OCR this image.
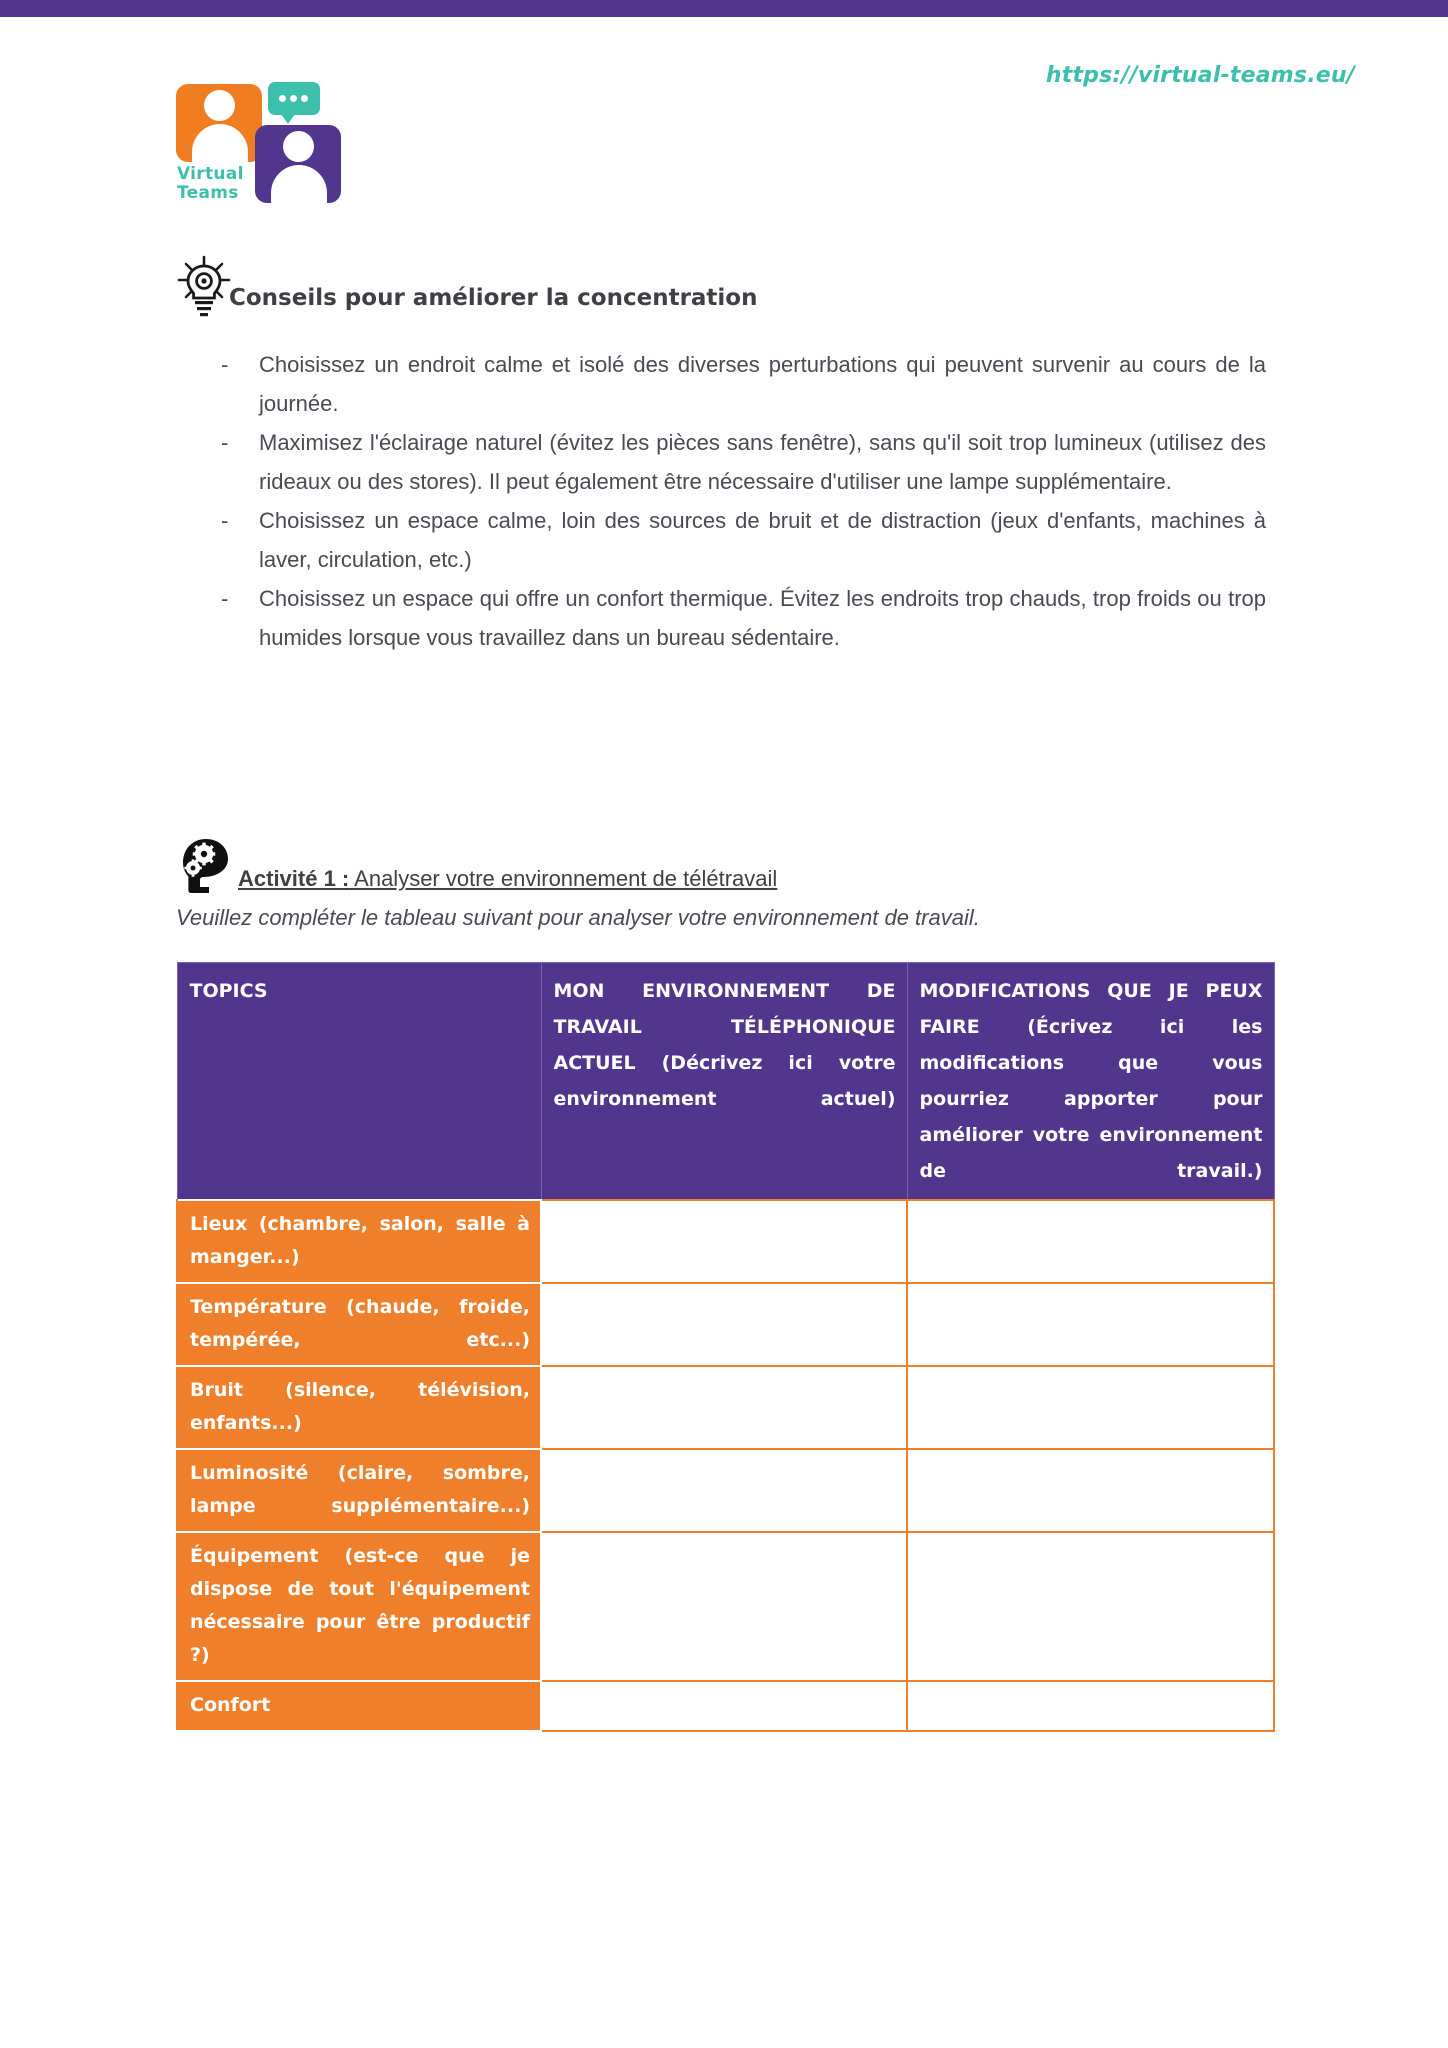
Virtual
Teams
https://virtual-teams.eu/
Conseils pour améliorer la concentration
-	Choisissez un endroit calme et isolé des diverses perturbations qui peuvent survenir au cours de la journée.
-	Maximisez l'éclairage naturel (évitez les pièces sans fenêtre), sans qu'il soit trop lumineux (utilisez des rideaux ou des stores). Il peut également être nécessaire d'utiliser une lampe supplémentaire.
-	Choisissez un espace calme, loin des sources de bruit et de distraction (jeux d'enfants, machines à laver, circulation, etc.)
-	Choisissez un espace qui offre un confort thermique. Évitez les endroits trop chauds, trop froids ou trop humides lorsque vous travaillez dans un bureau sédentaire.
Activité 1 : Analyser votre environnement de télétravail
Veuillez compléter le tableau suivant pour analyser votre environnement de travail.
TOPICS	MON ENVIRONNEMENT DE TRAVAIL TÉLÉPHONIQUE ACTUEL (Décrivez ici votre environnement actuel)	MODIFICATIONS QUE JE PEUX FAIRE (Écrivez ici les modifications que vous pourriez apporter pour améliorer votre environnement de travail.)
Lieux (chambre, salon, salle à manger...)		
Température (chaude, froide, tempérée, etc...)		
Bruit (silence, télévision, enfants...)		
Luminosité (claire, sombre, lampe supplémentaire...)		
Équipement (est-ce que je dispose de tout l'équipement nécessaire pour être productif ?)		
Confort		
